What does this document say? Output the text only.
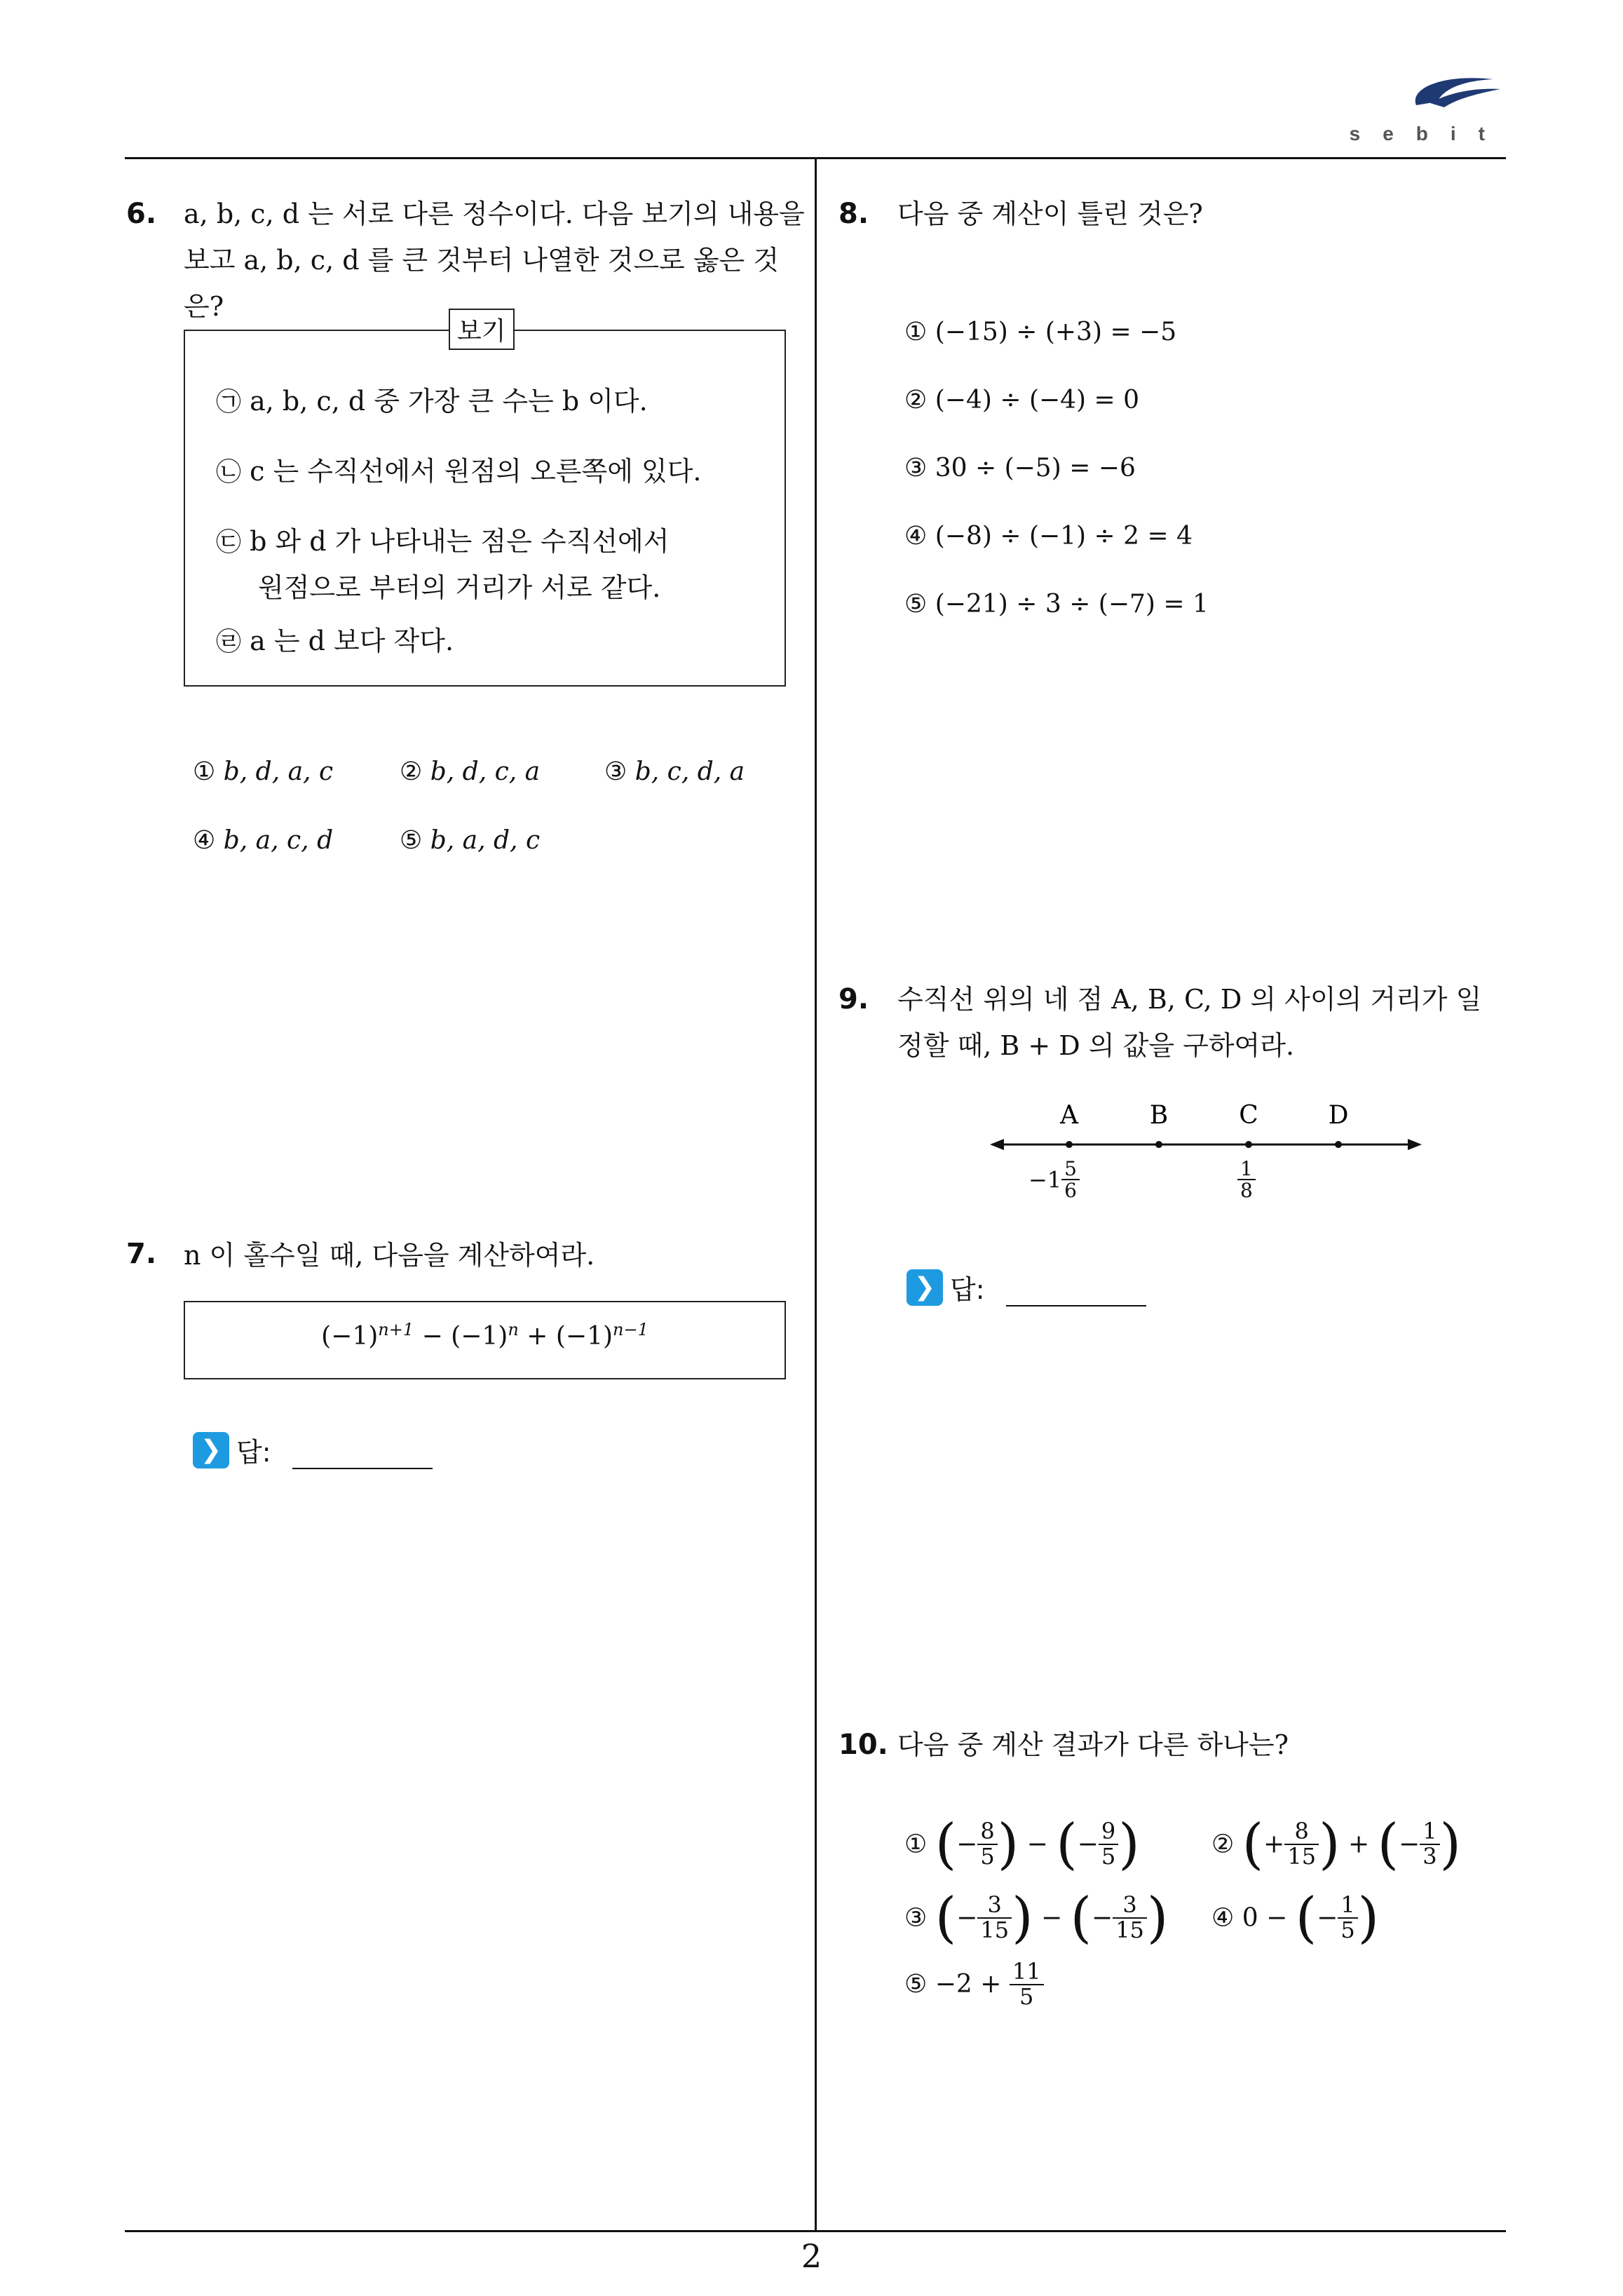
sebit
6. a, b, c, d 는 서로 다른 정수이다. 다음 보기의 내용을
보고 a, b, c, d 를 큰 것부터 나열한 것으로 옳은 것은?
보기
㉠ a, b, c, d 중 가장 큰 수는 b 이다.
㉡ c 는 수직선에서 원점의 오른쪽에 있다.
㉢ b 와 d 가 나타내는 점은 수직선에서
원점으로 부터의 거리가 서로 같다.
㉣ a 는 d 보다 작다.
① b, d, a, c	② b, d, c, a	③ b, c, d, a
④ b, a, c, d	⑤ b, a, d, c
7. n 이 홀수일 때, 다음을 계산하여라.
$(-1)^{n+1} - (-1)^n + (-1)^{n-1}$
❯ 답:
8. 다음 중 계산이 틀린 것은?
① (−15) ÷ (+3) = −5
② (−4) ÷ (−4) = 0
③ 30 ÷ (−5) = −6
④ (−8) ÷ (−1) ÷ 2 = 4
⑤ (−21) ÷ 3 ÷ (−7) = 1
9. 수직선 위의 네 점 A, B, C, D 의 사이의 거리가 일
정할 때, B + D 의 값을 구하여라.
A	B	C	D
$-1 \frac{5}{6}$	$\frac{1}{8}$
❯ 답:
10. 다음 중 계산 결과가 다른 하나는?
① (− $\frac{8}{5}$ ) − (− $\frac{9}{5}$ )	② (+ $\frac{8}{15}$ ) + (− $\frac{1}{3}$ )
③ (− $\frac{3}{15}$ ) − (− $\frac{3}{15}$ ) ④ 0 − (− $\frac{1}{5}$ )
⑤ $-2 + \frac{11}{5}$
2
